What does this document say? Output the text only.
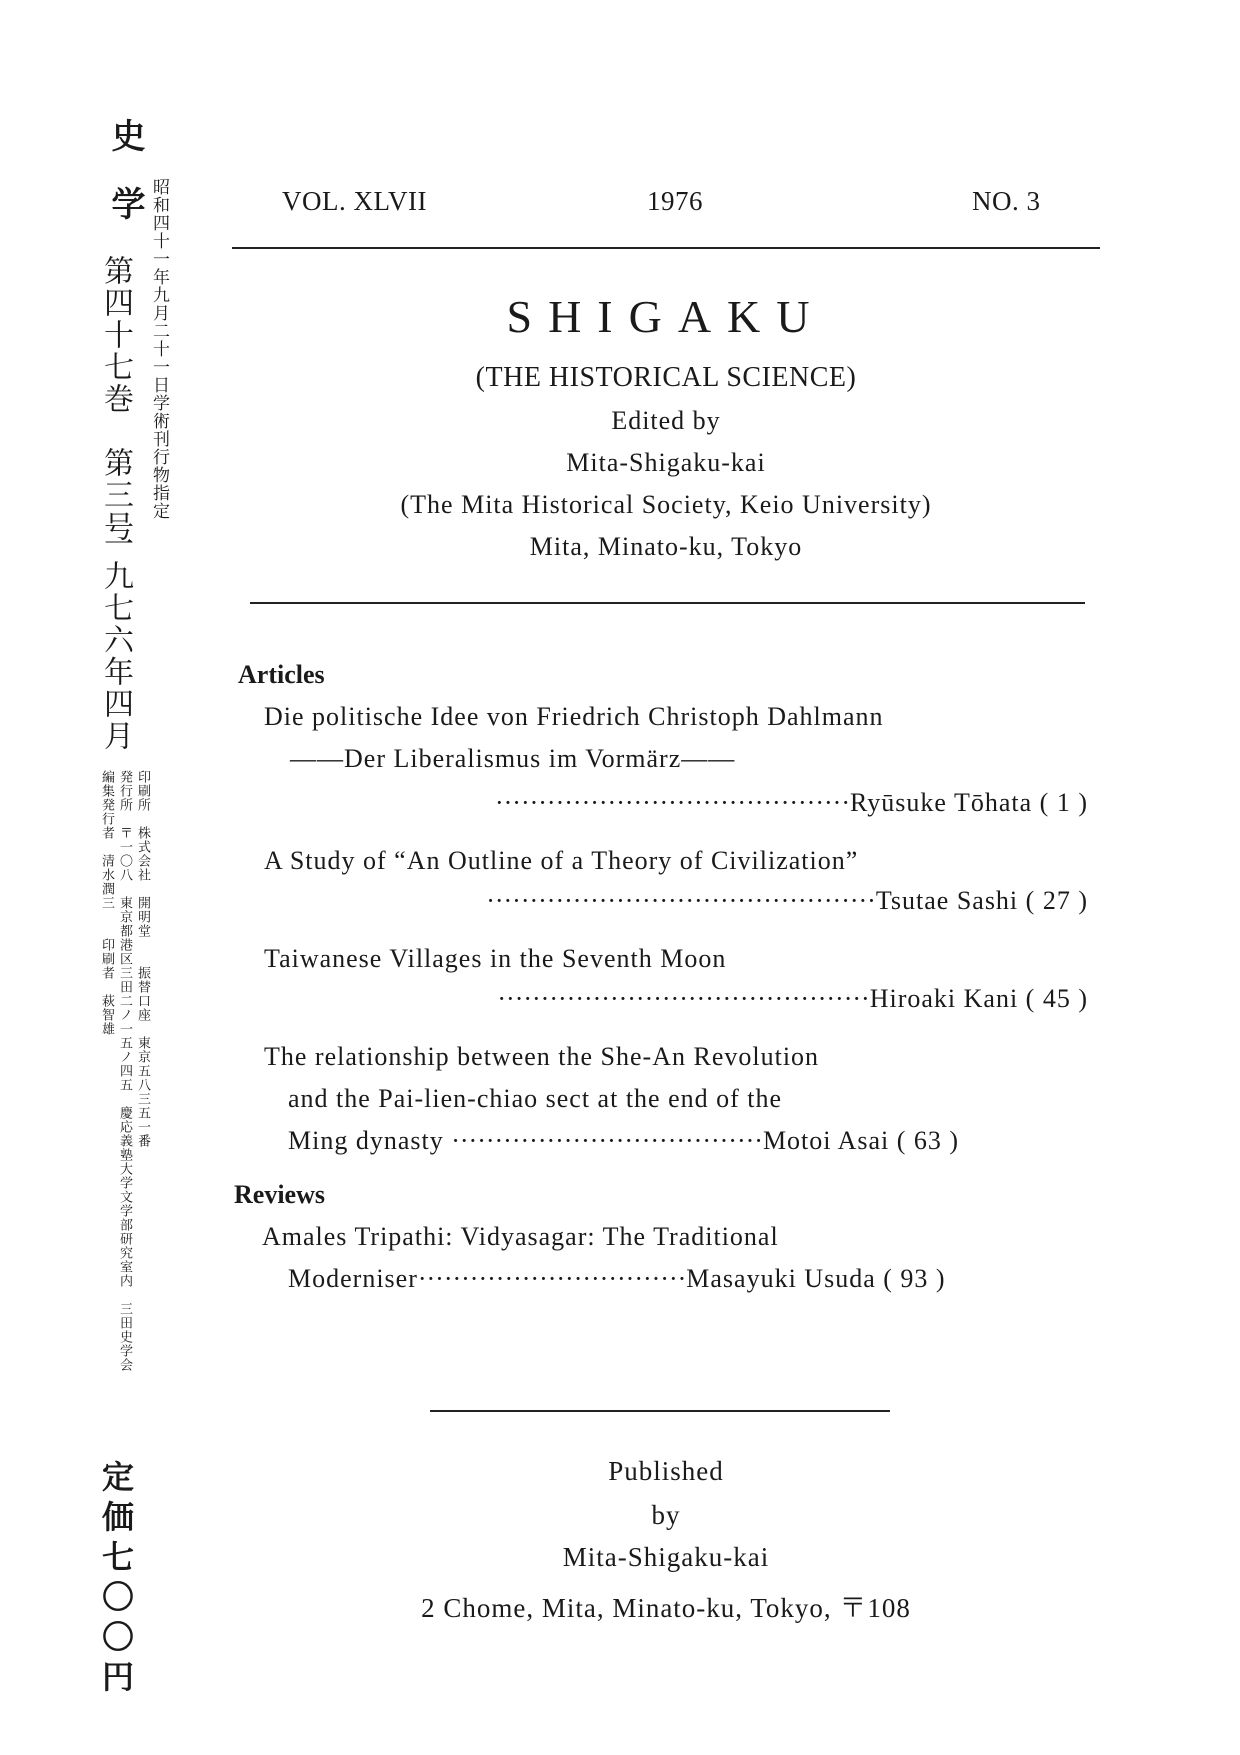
史学 昭和四十一年九月二十一日学術刊行物指定
第四十七巻　第三号
一九七六年四月
編集発行者　清水潤三　　印刷者　萩智雄 発行所　〒一〇八　東京都港区三田二ノ一五ノ四五　慶応義塾大学文学部研究室内　三田史学会 印刷所　株式会社　開明堂　　振替口座　東京五八三五一番
定価七〇〇円
VOL. XLVII	1976	NO. 3
SHIGAKU
(THE HISTORICAL SCIENCE)
Edited by
Mita-Shigaku-kai
(The Mita Historical Society, Keio University)
Mita, Minato-ku, Tokyo
Articles
Die politische Idee von Friedrich Christoph Dahlmann
——Der Liberalismus im Vormärz——
·········································Ryūsuke Tōhata ( 1 )
A Study of “An Outline of a Theory of Civilization”
·············································Tsutae Sashi ( 27 )
Taiwanese Villages in the Seventh Moon
···········································Hiroaki Kani ( 45 )
The relationship between the She-An Revolution
and the Pai-lien-chiao sect at the end of the
Ming dynasty ····································Motoi Asai ( 63 )
Reviews
Amales Tripathi: Vidyasagar: The Traditional
Moderniser·······························Masayuki Usuda ( 93 )
Published
by
Mita-Shigaku-kai
2 Chome, Mita, Minato-ku, Tokyo, 〒108
